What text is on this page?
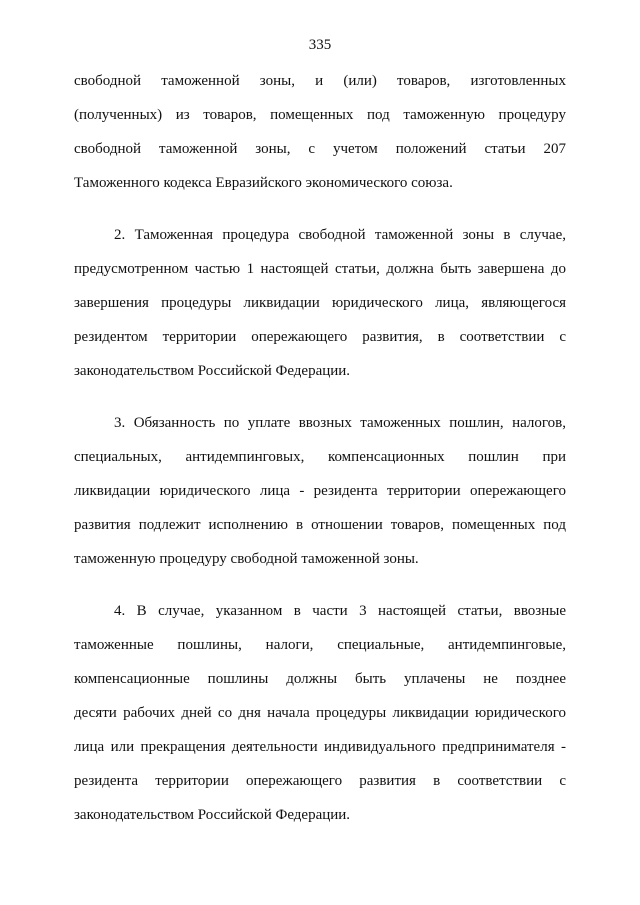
335
свободной таможенной зоны, и (или) товаров, изготовленных
(полученных) из товаров, помещенных под таможенную процедуру
свободной таможенной зоны, с учетом положений статьи 207
Таможенного кодекса Евразийского экономического союза.
2. Таможенная процедура свободной таможенной зоны в случае,
предусмотренном частью 1 настоящей статьи, должна быть завершена до
завершения процедуры ликвидации юридического лица, являющегося
резидентом территории опережающего развития, в соответствии с
законодательством Российской Федерации.
3. Обязанность по уплате ввозных таможенных пошлин, налогов,
специальных, антидемпинговых, компенсационных пошлин при
ликвидации юридического лица - резидента территории опережающего
развития подлежит исполнению в отношении товаров, помещенных под
таможенную процедуру свободной таможенной зоны.
4. В случае, указанном в части 3 настоящей статьи, ввозные
таможенные пошлины, налоги, специальные, антидемпинговые,
компенсационные пошлины должны быть уплачены не позднее
десяти рабочих дней со дня начала процедуры ликвидации юридического
лица или прекращения деятельности индивидуального предпринимателя -
резидента территории опережающего развития в соответствии с
законодательством Российской Федерации.
